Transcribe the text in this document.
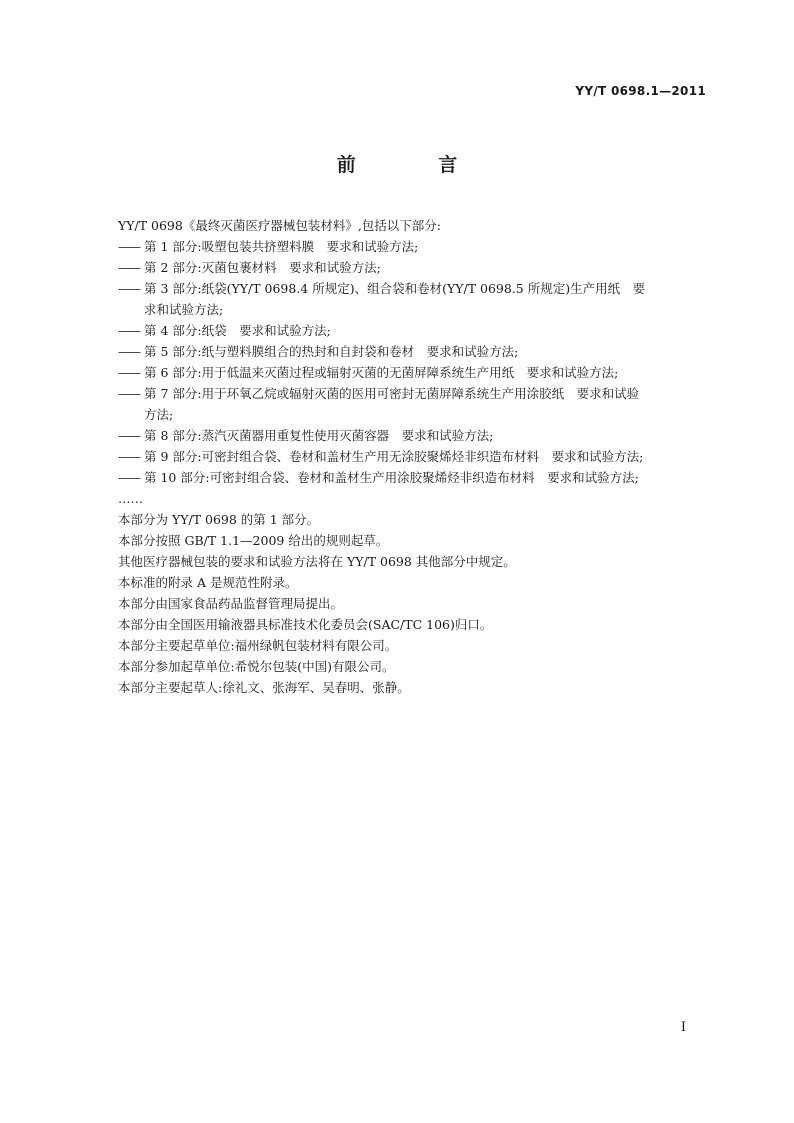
YY/T 0698.1—2011
前 言
YY/T 0698《最终灭菌医疗器械包装材料》,包括以下部分:
—— 第 1 部分:吸塑包装共挤塑料膜　要求和试验方法;
—— 第 2 部分:灭菌包裹材料　要求和试验方法;
—— 第 3 部分:纸袋(YY/T 0698.4 所规定)、组合袋和卷材(YY/T 0698.5 所规定)生产用纸　要
求和试验方法;
—— 第 4 部分:纸袋　要求和试验方法;
—— 第 5 部分:纸与塑料膜组合的热封和自封袋和卷材　要求和试验方法;
—— 第 6 部分:用于低温来灭菌过程或辐射灭菌的无菌屏障系统生产用纸　要求和试验方法;
—— 第 7 部分:用于环氧乙烷或辐射灭菌的医用可密封无菌屏障系统生产用涂胶纸　要求和试验
方法;
—— 第 8 部分:蒸汽灭菌器用重复性使用灭菌容器　要求和试验方法;
—— 第 9 部分:可密封组合袋、卷材和盖材生产用无涂胶聚烯烃非织造布材料　要求和试验方法;
—— 第 10 部分:可密封组合袋、卷材和盖材生产用涂胶聚烯烃非织造布材料　要求和试验方法;
……
本部分为 YY/T 0698 的第 1 部分。
本部分按照 GB/T 1.1—2009 给出的规则起草。
其他医疗器械包装的要求和试验方法将在 YY/T 0698 其他部分中规定。
本标准的附录 A 是规范性附录。
本部分由国家食品药品监督管理局提出。
本部分由全国医用输液器具标准技术化委员会(SAC/TC 106)归口。
本部分主要起草单位:福州绿帆包装材料有限公司。
本部分参加起草单位:希悦尔包装(中国)有限公司。
本部分主要起草人:徐礼文、张海军、吴春明、张静。
I
